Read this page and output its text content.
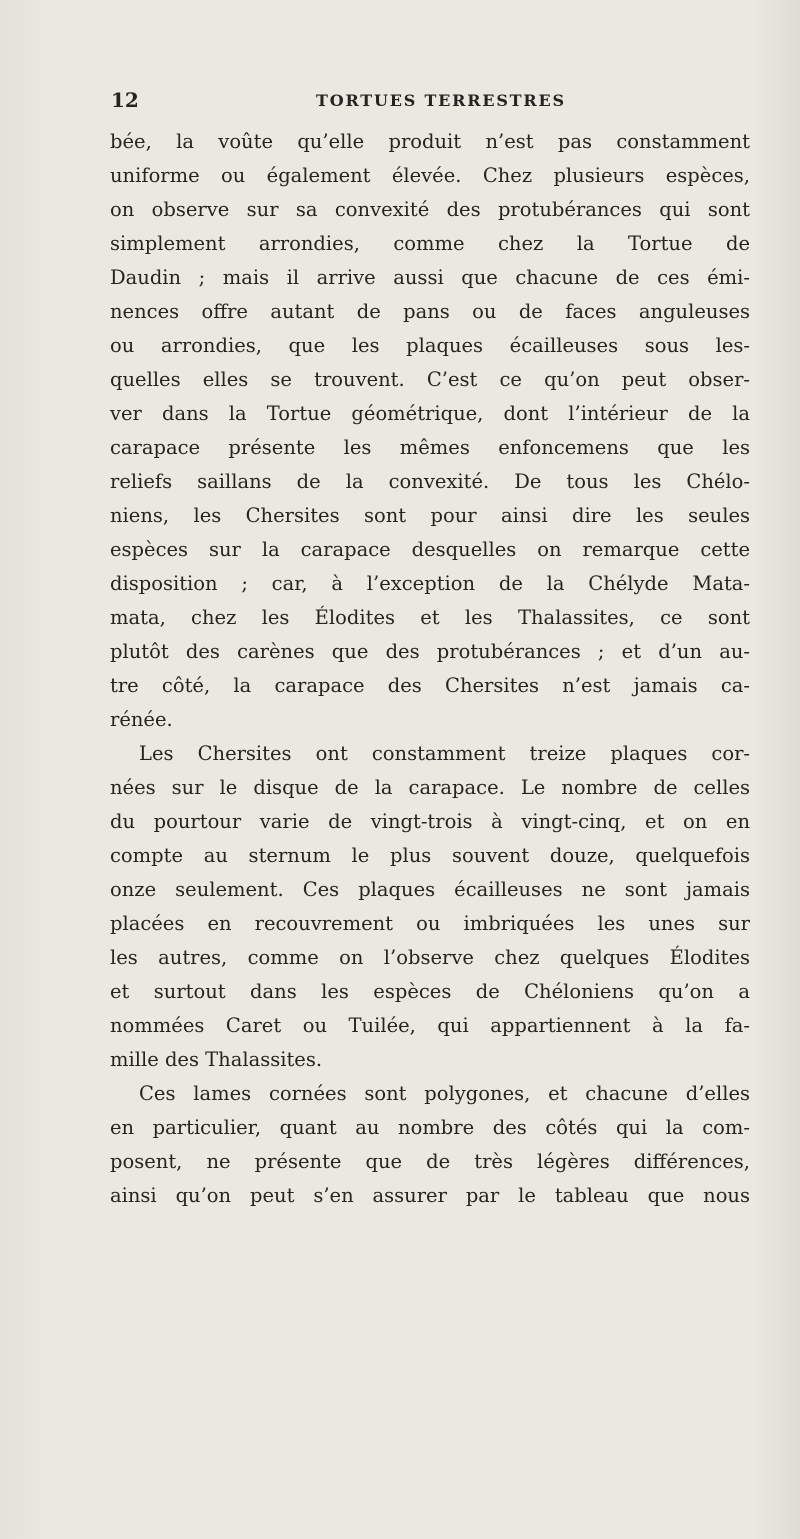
12	TORTUES TERRESTRES
bée, la voûte qu’elle produit n’est pas constamment
uniforme ou également élevée. Chez plusieurs espèces,
on observe sur sa convexité des protubérances qui sont
simplement arrondies, comme chez la Tortue de
Daudin ; mais il arrive aussi que chacune de ces émi-
nences offre autant de pans ou de faces anguleuses
ou arrondies, que les plaques écailleuses sous les-
quelles elles se trouvent. C’est ce qu’on peut obser-
ver dans la Tortue géométrique, dont l’intérieur de la
carapace présente les mêmes enfoncemens que les
reliefs saillans de la convexité. De tous les Chélo-
niens, les Chersites sont pour ainsi dire les seules
espèces sur la carapace desquelles on remarque cette
disposition ; car, à l’exception de la Chélyde Mata-
mata, chez les Élodites et les Thalassites, ce sont
plutôt des carènes que des protubérances ; et d’un au-
tre côté, la carapace des Chersites n’est jamais ca-
rénée.
Les Chersites ont constamment treize plaques cor-
nées sur le disque de la carapace. Le nombre de celles
du pourtour varie de vingt-trois à vingt-cinq, et on en
compte au sternum le plus souvent douze, quelquefois
onze seulement. Ces plaques écailleuses ne sont jamais
placées en recouvrement ou imbriquées les unes sur
les autres, comme on l’observe chez quelques Élodites
et surtout dans les espèces de Chéloniens qu’on a
nommées Caret ou Tuilée, qui appartiennent à la fa-
mille des Thalassites.
Ces lames cornées sont polygones, et chacune d’elles
en particulier, quant au nombre des côtés qui la com-
posent, ne présente que de très légères différences,
ainsi qu’on peut s’en assurer par le tableau que nous
